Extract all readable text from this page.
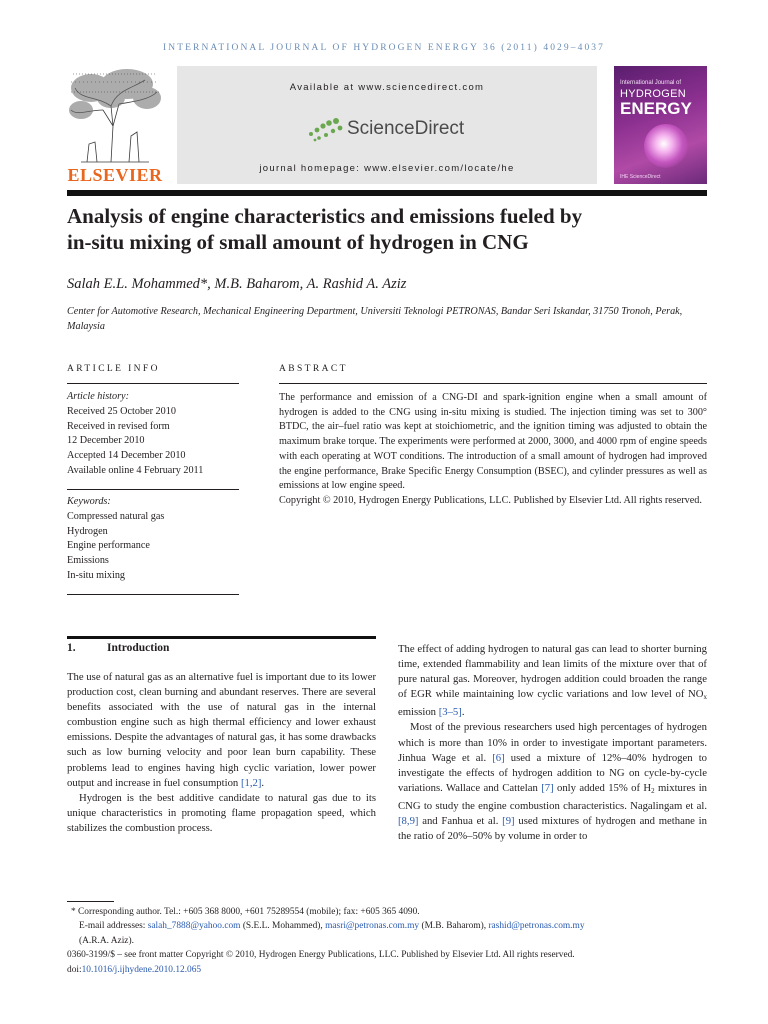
INTERNATIONAL JOURNAL OF HYDROGEN ENERGY 36 (2011) 4029–4037
ELSEVIER
Available at www.sciencedirect.com
ScienceDirect
journal homepage: www.elsevier.com/locate/he
International Journal of
HYDROGEN
ENERGY
IHE ScienceDirect
Analysis of engine characteristics and emissions fueled by
in-situ mixing of small amount of hydrogen in CNG
Salah E.L. Mohammed*, M.B. Baharom, A. Rashid A. Aziz
Center for Automotive Research, Mechanical Engineering Department, Universiti Teknologi PETRONAS, Bandar Seri Iskandar, 31750 Tronoh, Perak, Malaysia
ARTICLE INFO
Article history:
Received 25 October 2010
Received in revised form
12 December 2010
Accepted 14 December 2010
Available online 4 February 2011
Keywords:
Compressed natural gas
Hydrogen
Engine performance
Emissions
In-situ mixing
ABSTRACT
The performance and emission of a CNG-DI and spark-ignition engine when a small amount of hydrogen is added to the CNG using in-situ mixing is studied. The injection timing was set to 300° BTDC, the air–fuel ratio was kept at stoichiometric, and the ignition timing was adjusted to obtain the maximum brake torque. The experiments were performed at 2000, 3000, and 4000 rpm of engine speeds with each operating at WOT conditions. The introduction of a small amount of hydrogen had improved the engine performance, Brake Specific Energy Consumption (BSEC), and cylinder pressures as well as emissions at low engine speed.
Copyright © 2010, Hydrogen Energy Publications, LLC. Published by Elsevier Ltd. All rights reserved.
1.	Introduction

The use of natural gas as an alternative fuel is important due to its lower production cost, clean burning and abundant reserves. There are several benefits associated with the use of natural gas in the internal combustion engine such as high thermal efficiency and lower exhaust emissions. Despite the advantages of natural gas, it has some drawbacks such as low burning velocity and poor lean burn capability. These problems lead to engines having high cyclic variation, lower power output and increase in fuel consumption [1,2].

Hydrogen is the best additive candidate to natural gas due to its unique characteristics in promoting flame propagation speed, which stabilizes the combustion process.

The effect of adding hydrogen to natural gas can lead to shorter burning time, extended flammability and lean limits of the mixture over that of pure natural gas. Moreover, hydrogen addition could broaden the range of EGR while maintaining low cyclic variations and low level of $NO_x$ emission [3–5].

Most of the previous researchers used high percentages of hydrogen which is more than 10% in order to investigate important parameters. Jinhua Wage et al. [6] used a mixture of 12%–40% hydrogen to investigate the effects of hydrogen addition to NG on cycle-by-cycle variations. Wallace and Cattelan [7] only added 15% of $H_2$ mixtures in CNG to study the engine combustion characteristics. Nagalingam et al. [8,9] and Fanhua et al. [9] used mixtures of hydrogen and methane in the ratio of 20%–50% by volume in order to

* Corresponding author. Tel.: +605 368 8000, +601 75289554 (mobile); fax: +605 365 4090.

E-mail addresses: salah_7888@yahoo.com (S.E.L. Mohammed), masri@petronas.com.my (M.B. Baharom), rashid@petronas.com.my
(A.R.A. Aziz).

0360-3199/$ – see front matter Copyright © 2010, Hydrogen Energy Publications, LLC. Published by Elsevier Ltd. All rights reserved.

doi:10.1016/j.ijhydene.2010.12.065
